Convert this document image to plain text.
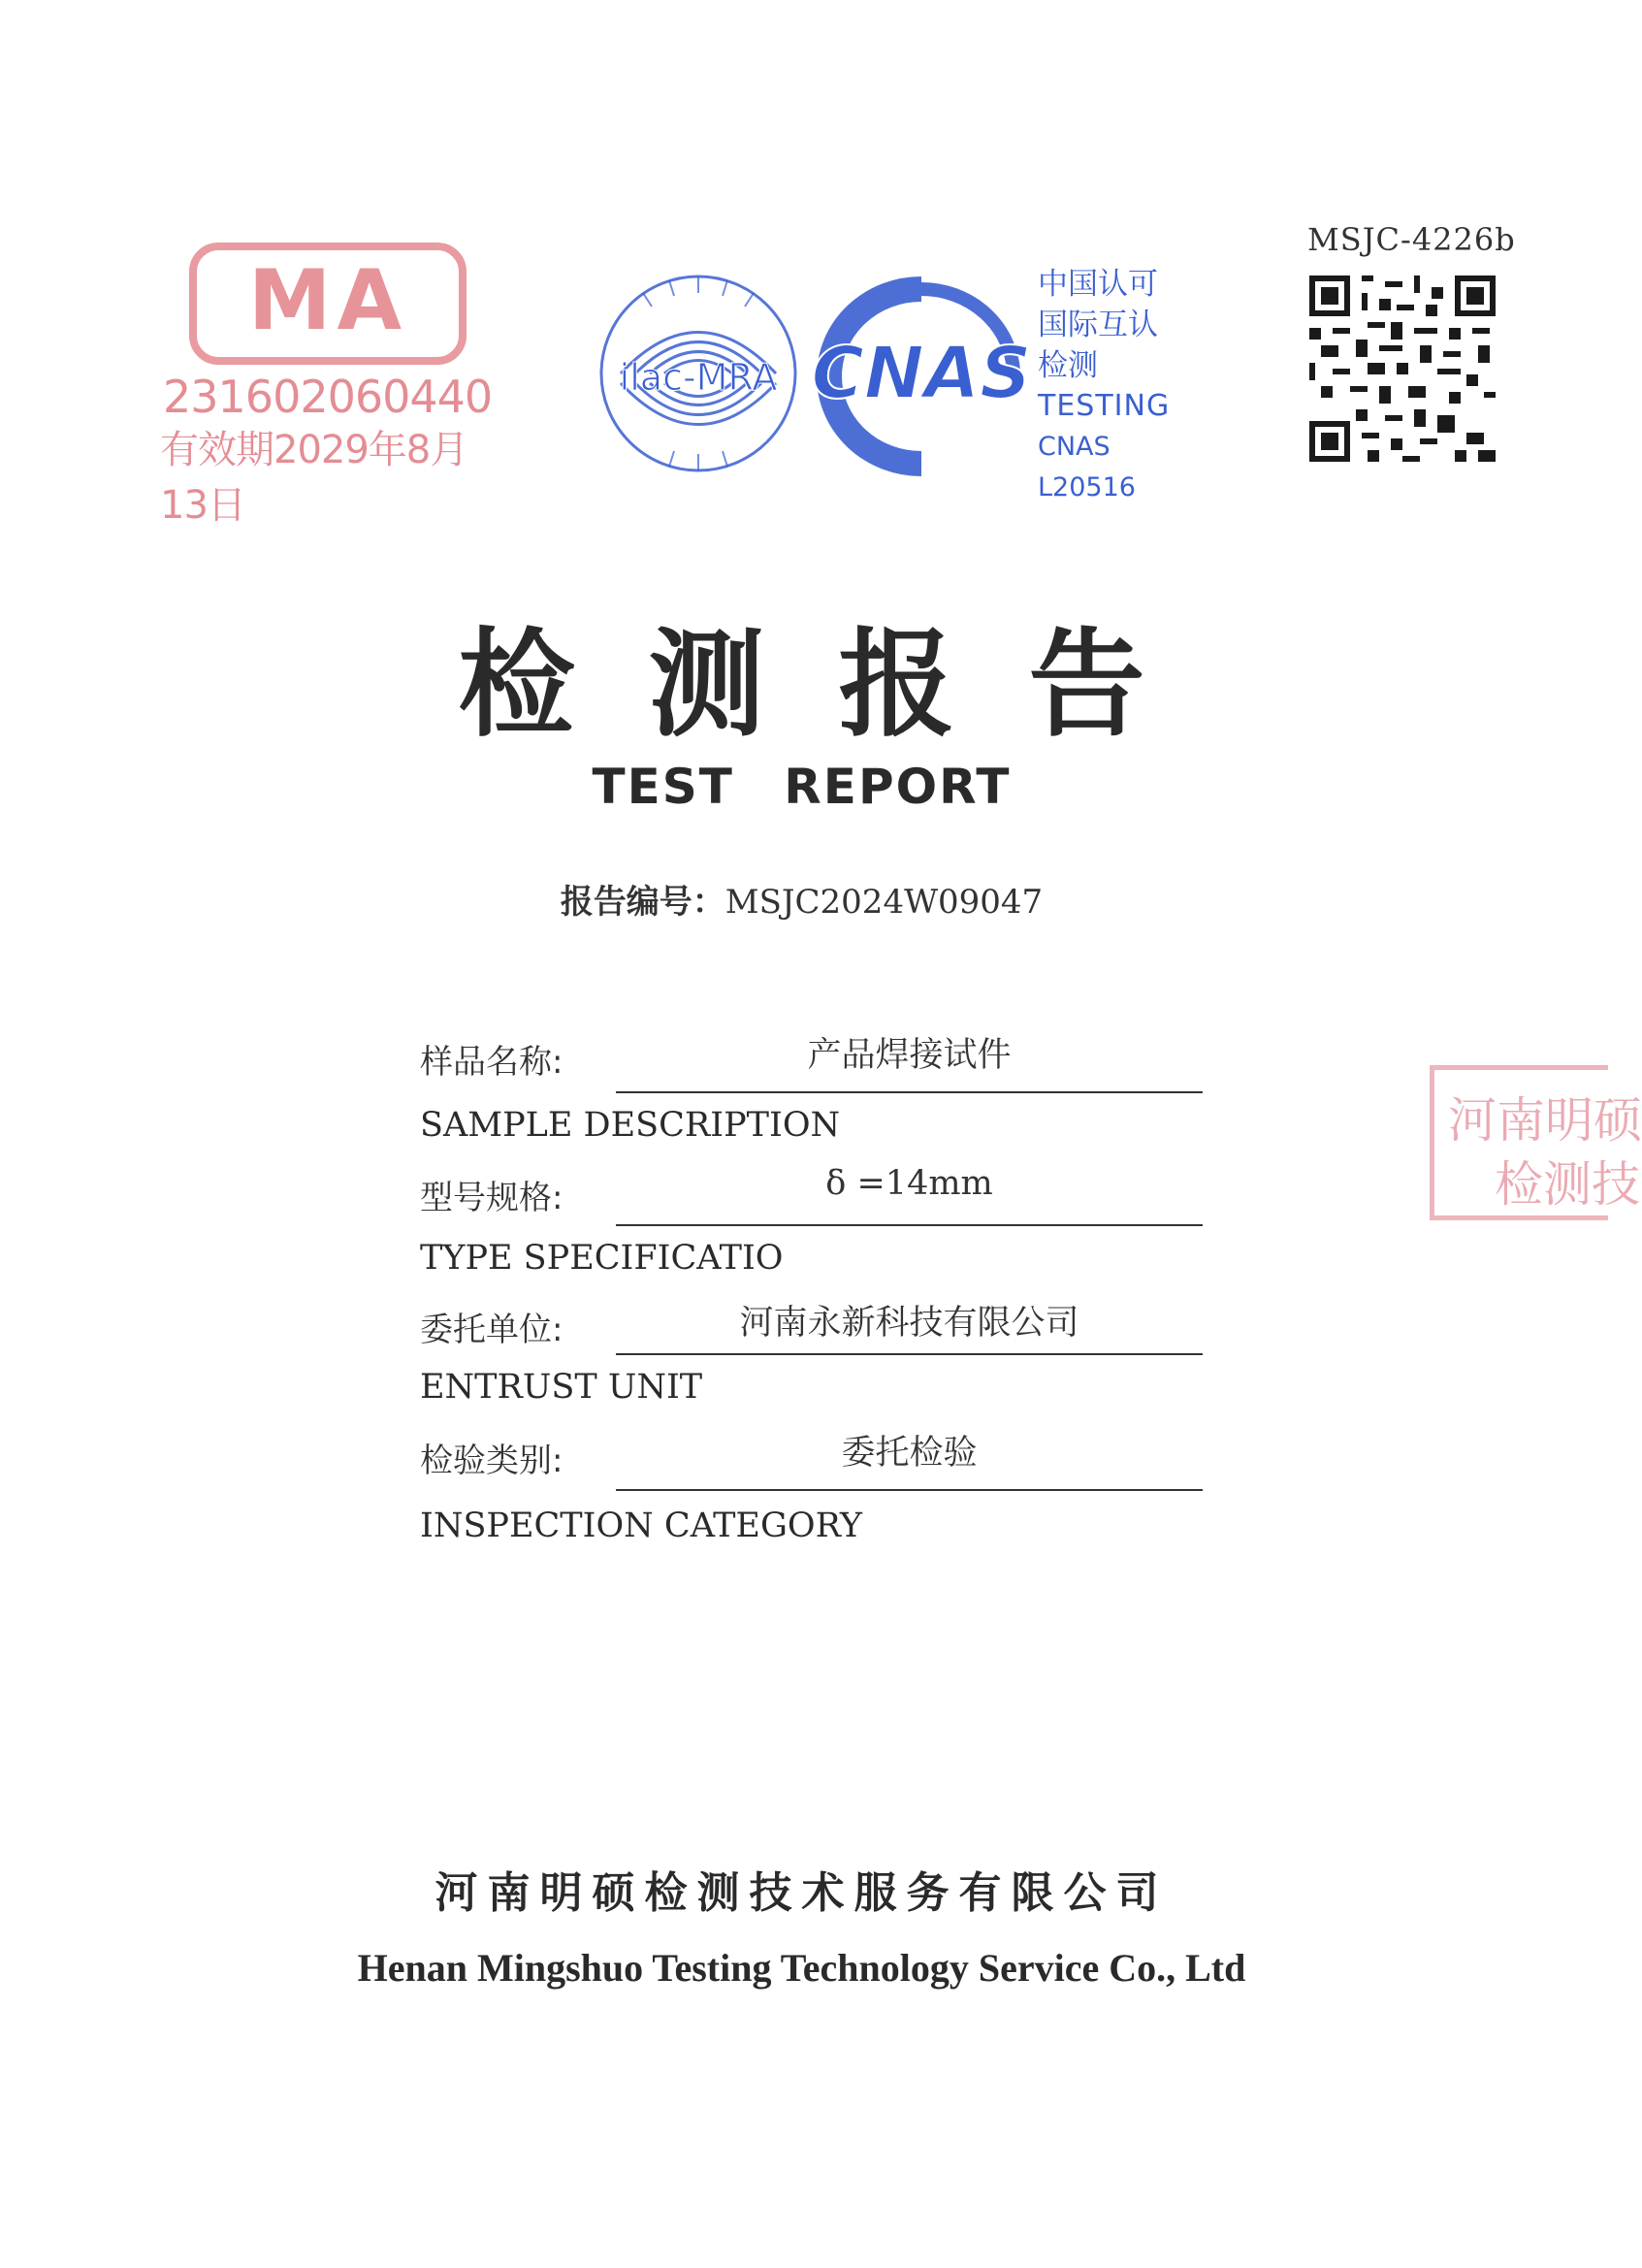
MA
231602060440
有效期2029年8月13日
ilac-MRA CNAS
中国认可
国际互认
检测
TESTING
CNAS L20516
MSJC-4226b
检测报告
TEST REPORT
报告编号：MSJC2024W09047
样品名称:	产品焊接试件
SAMPLE DESCRIPTION
型号规格:	δ =14mm
TYPE SPECIFICATIO
委托单位:	河南永新科技有限公司
ENTRUST UNIT
检验类别:	委托检验
INSPECTION CATEGORY
河南明硕
检测技
河南明硕检测技术服务有限公司
Henan Mingshuo Testing Technology Service Co., Ltd
